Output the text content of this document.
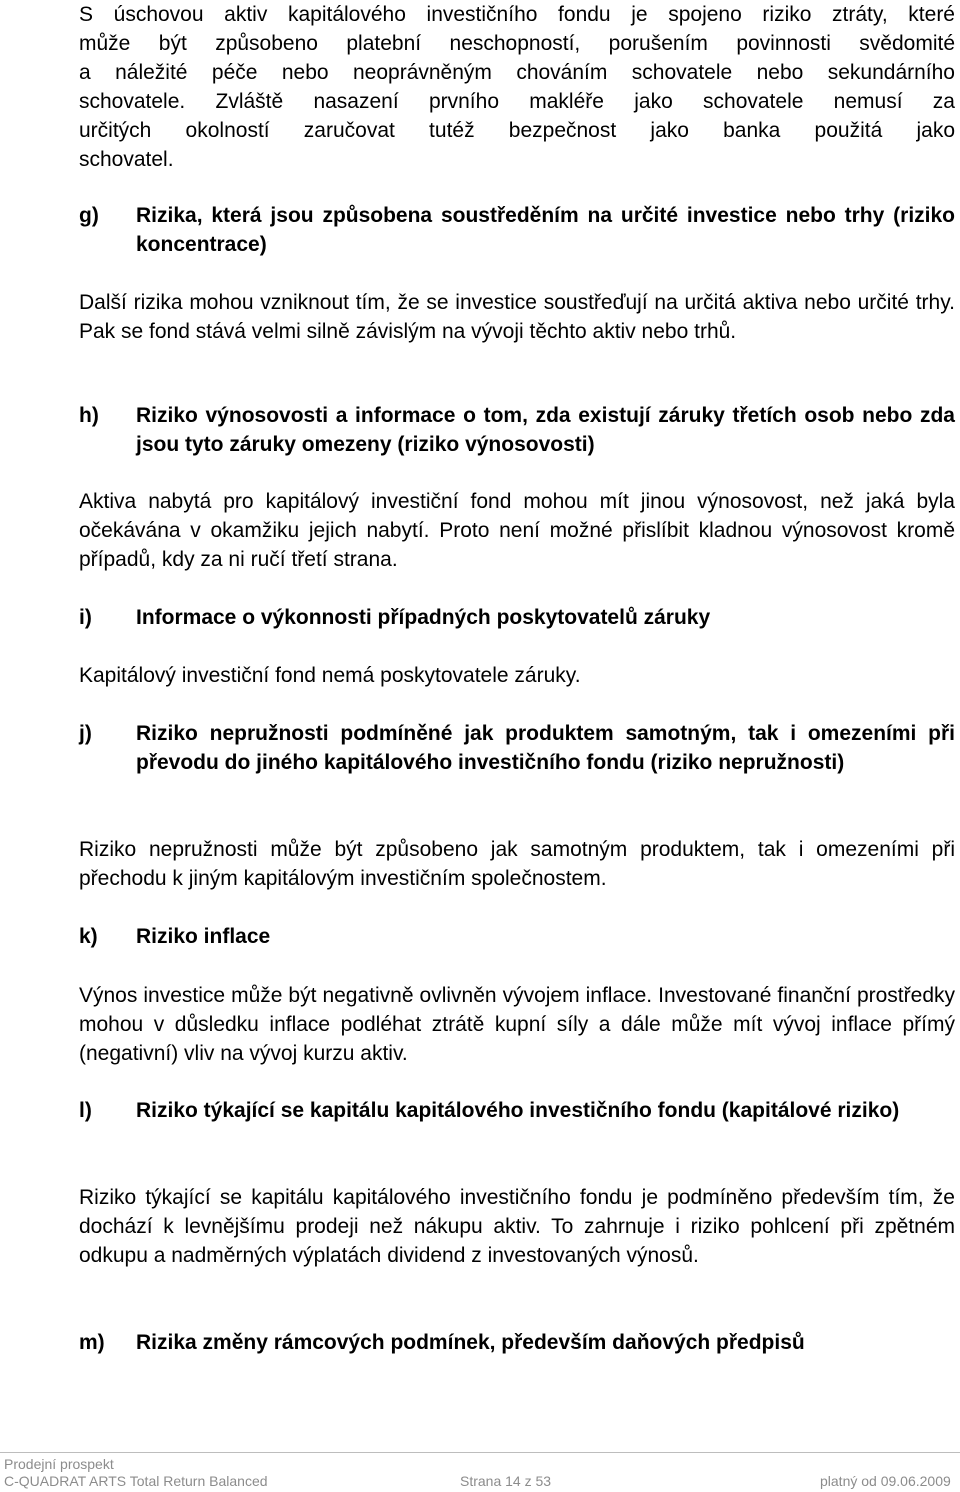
S úschovou aktiv kapitálového investičního fondu je spojeno riziko ztráty, které
může být způsobeno platební neschopností, porušením povinnosti svědomité
a náležité péče nebo neoprávněným chováním schovatele nebo sekundárního
schovatele. Zvláště nasazení prvního makléře jako schovatele nemusí za
určitých okolností zaručovat tutéž bezpečnost jako banka použitá jako
schovatel.
g)	Rizika, která jsou způsobena soustředěním na určité investice nebo trhy (riziko koncentrace)

Další rizika mohou vzniknout tím, že se investice soustřeďují na určitá aktiva nebo určité trhy. Pak se fond stává velmi silně závislým na vývoji těchto aktiv nebo trhů.

h)	Riziko výnosovosti a informace o tom, zda existují záruky třetích osob nebo zda jsou tyto záruky omezeny (riziko výnosovosti)

Aktiva nabytá pro kapitálový investiční fond mohou mít jinou výnosovost, než jaká byla očekávána v okamžiku jejich nabytí. Proto není možné přislíbit kladnou výnosovost kromě případů, kdy za ni ručí třetí strana.

i)	Informace o výkonnosti případných poskytovatelů záruky

Kapitálový investiční fond nemá poskytovatele záruky.

j)	Riziko nepružnosti podmíněné jak produktem samotným, tak i omezeními při převodu do jiného kapitálového investičního fondu (riziko nepružnosti)

Riziko nepružnosti může být způsobeno jak samotným produktem, tak i omezeními při přechodu k jiným kapitálovým investičním společnostem.

k)	Riziko inflace

Výnos investice může být negativně ovlivněn vývojem inflace. Investované finanční prostředky mohou v důsledku inflace podléhat ztrátě kupní síly a dále může mít vývoj inflace přímý (negativní) vliv na vývoj kurzu aktiv.

l)	Riziko týkající se kapitálu kapitálového investičního fondu (kapitálové riziko)

Riziko týkající se kapitálu kapitálového investičního fondu je podmíněno především tím, že dochází k levnějšímu prodeji než nákupu aktiv. To zahrnuje i riziko pohlcení při zpětném odkupu a nadměrných výplatách dividend z investovaných výnosů.

m)	Rizika změny rámcových podmínek, především daňových předpisů
Prodejní prospekt
C-QUADRAT ARTS Total Return Balanced	Strana 14 z 53	platný od 09.06.2009
